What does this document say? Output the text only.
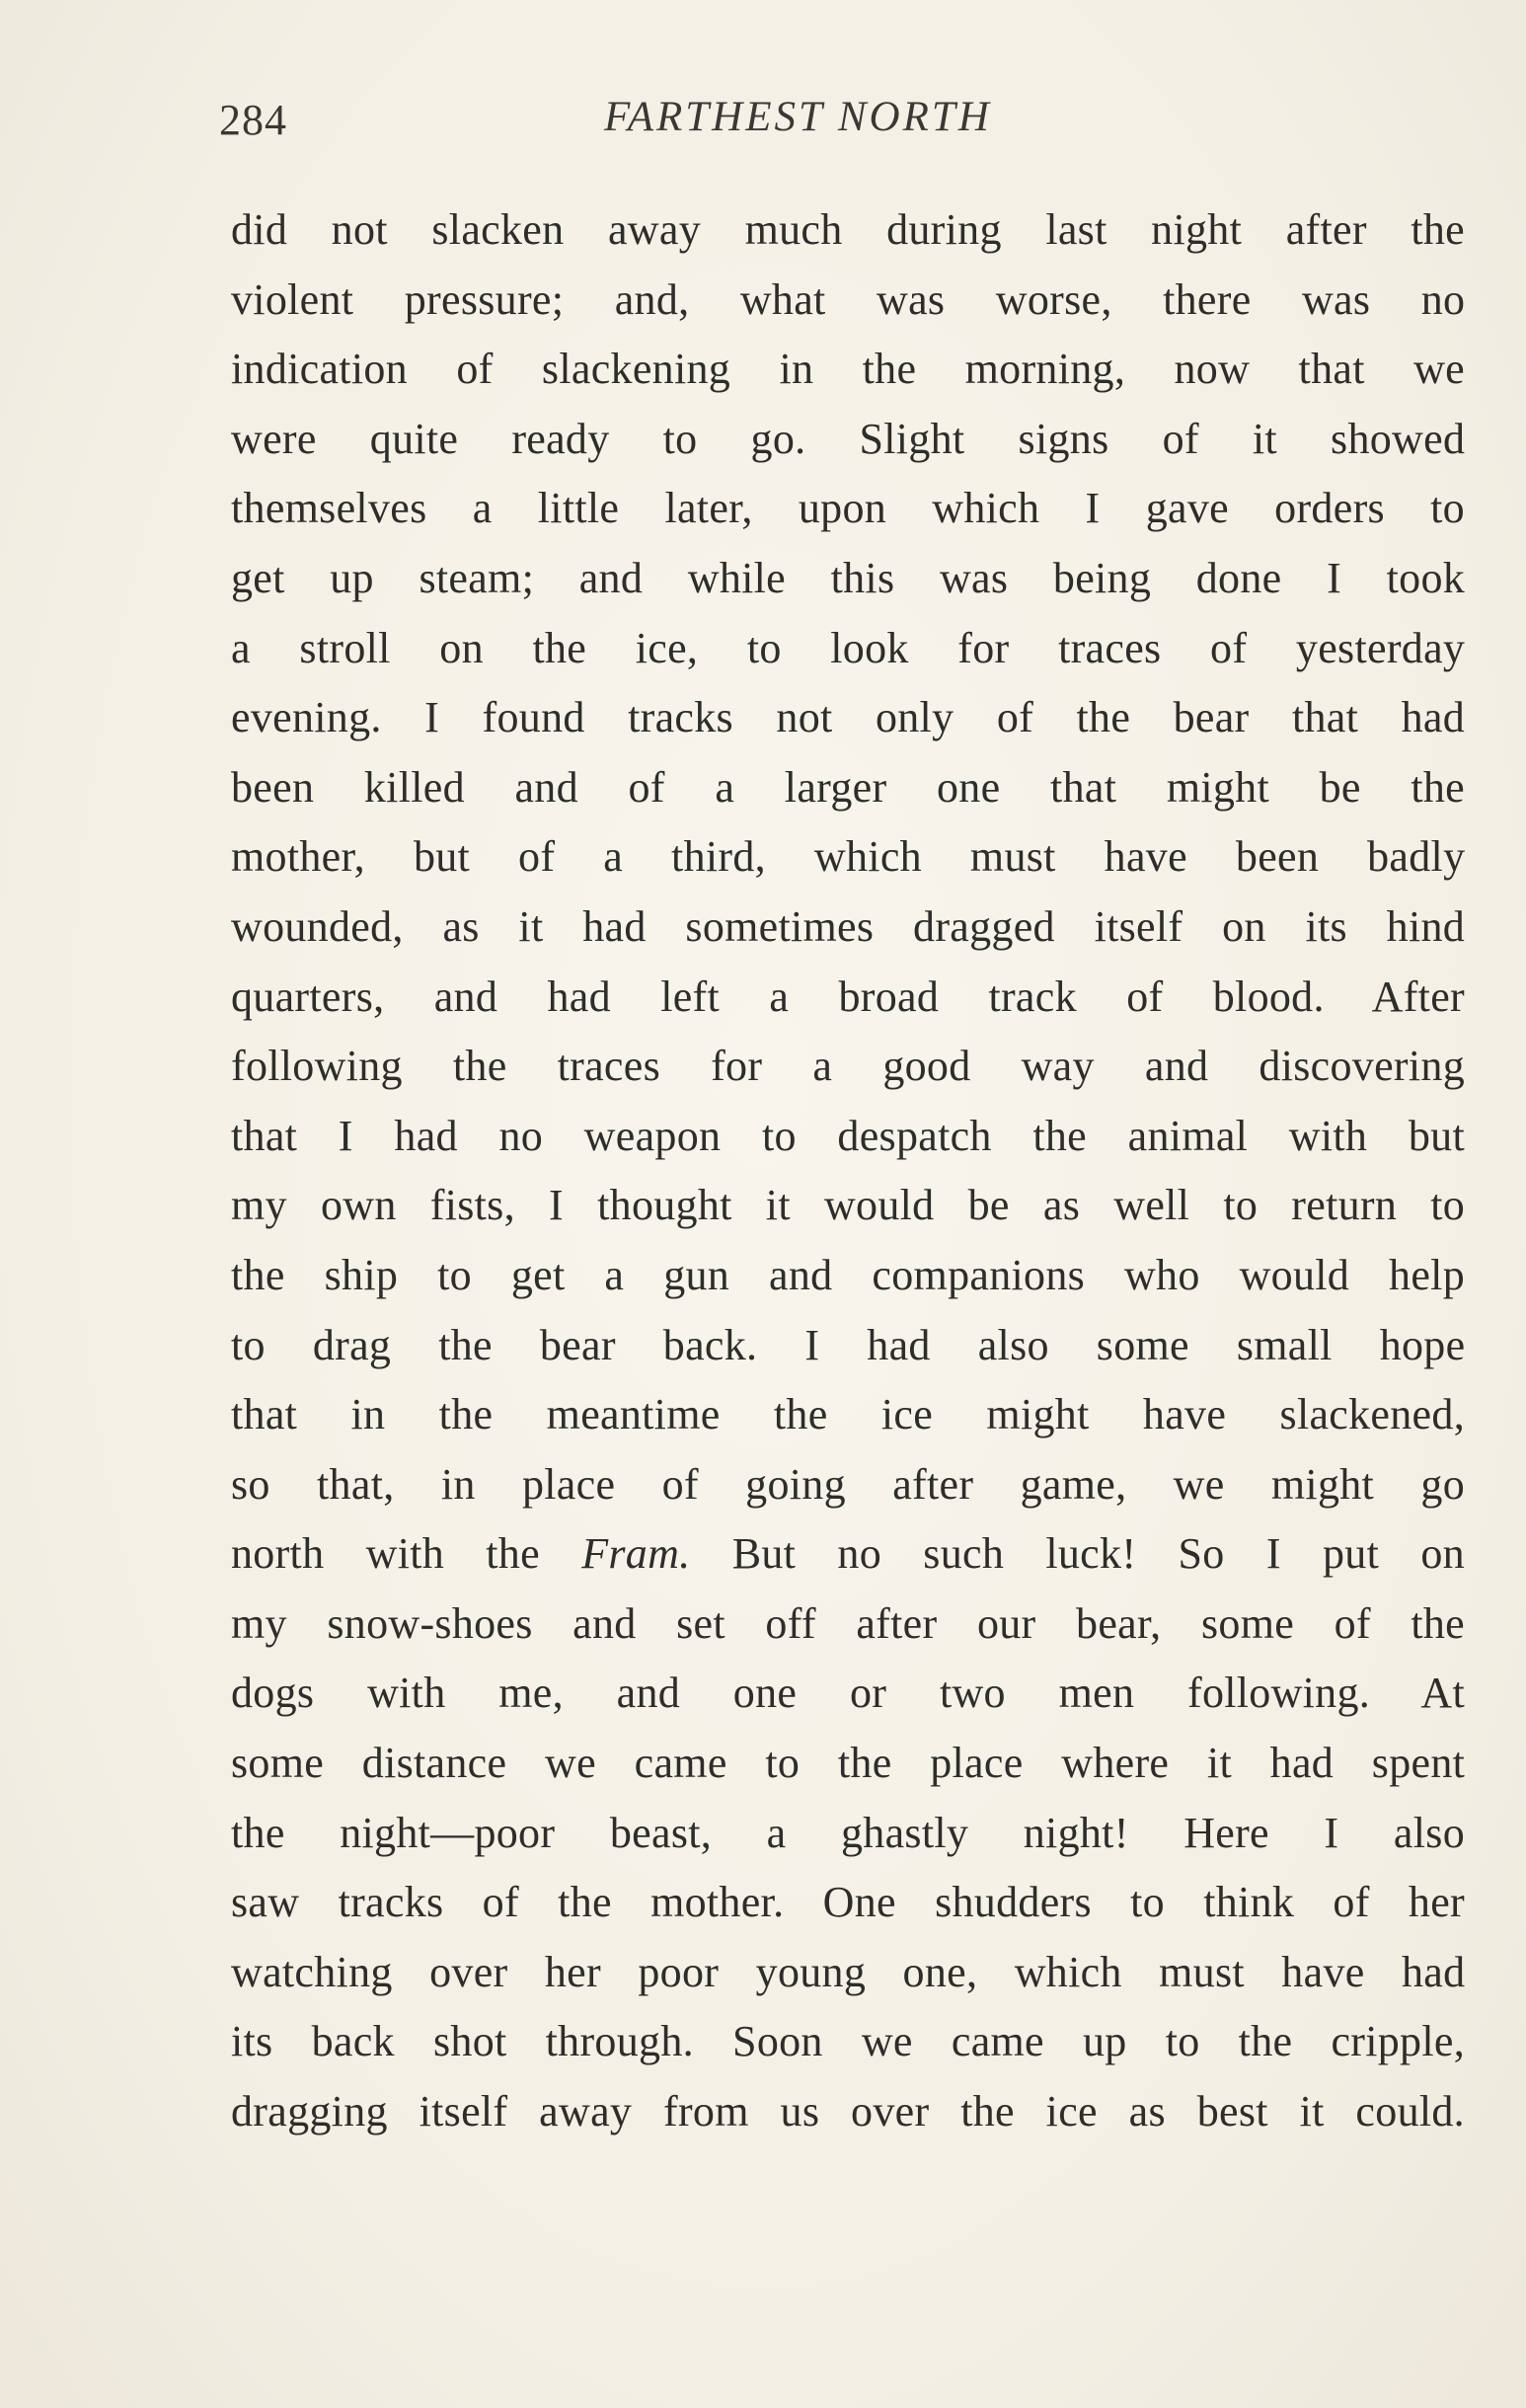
284	FARTHEST NORTH
did not slacken away much during last night after the
violent pressure; and, what was worse, there was no
indication of slackening in the morning, now that we
were quite ready to go. Slight signs of it showed
themselves a little later, upon which I gave orders to
get up steam; and while this was being done I took
a stroll on the ice, to look for traces of yesterday
evening. I found tracks not only of the bear that had
been killed and of a larger one that might be the
mother, but of a third, which must have been badly
wounded, as it had sometimes dragged itself on its hind
quarters, and had left a broad track of blood. After
following the traces for a good way and discovering
that I had no weapon to despatch the animal with but
my own fists, I thought it would be as well to return to
the ship to get a gun and companions who would help
to drag the bear back. I had also some small hope
that in the meantime the ice might have slackened,
so that, in place of going after game, we might go
north with the Fram. But no such luck! So I put on
my snow-shoes and set off after our bear, some of the
dogs with me, and one or two men following. At
some distance we came to the place where it had spent
the night—poor beast, a ghastly night! Here I also
saw tracks of the mother. One shudders to think of her
watching over her poor young one, which must have had
its back shot through. Soon we came up to the cripple,
dragging itself away from us over the ice as best it could.
